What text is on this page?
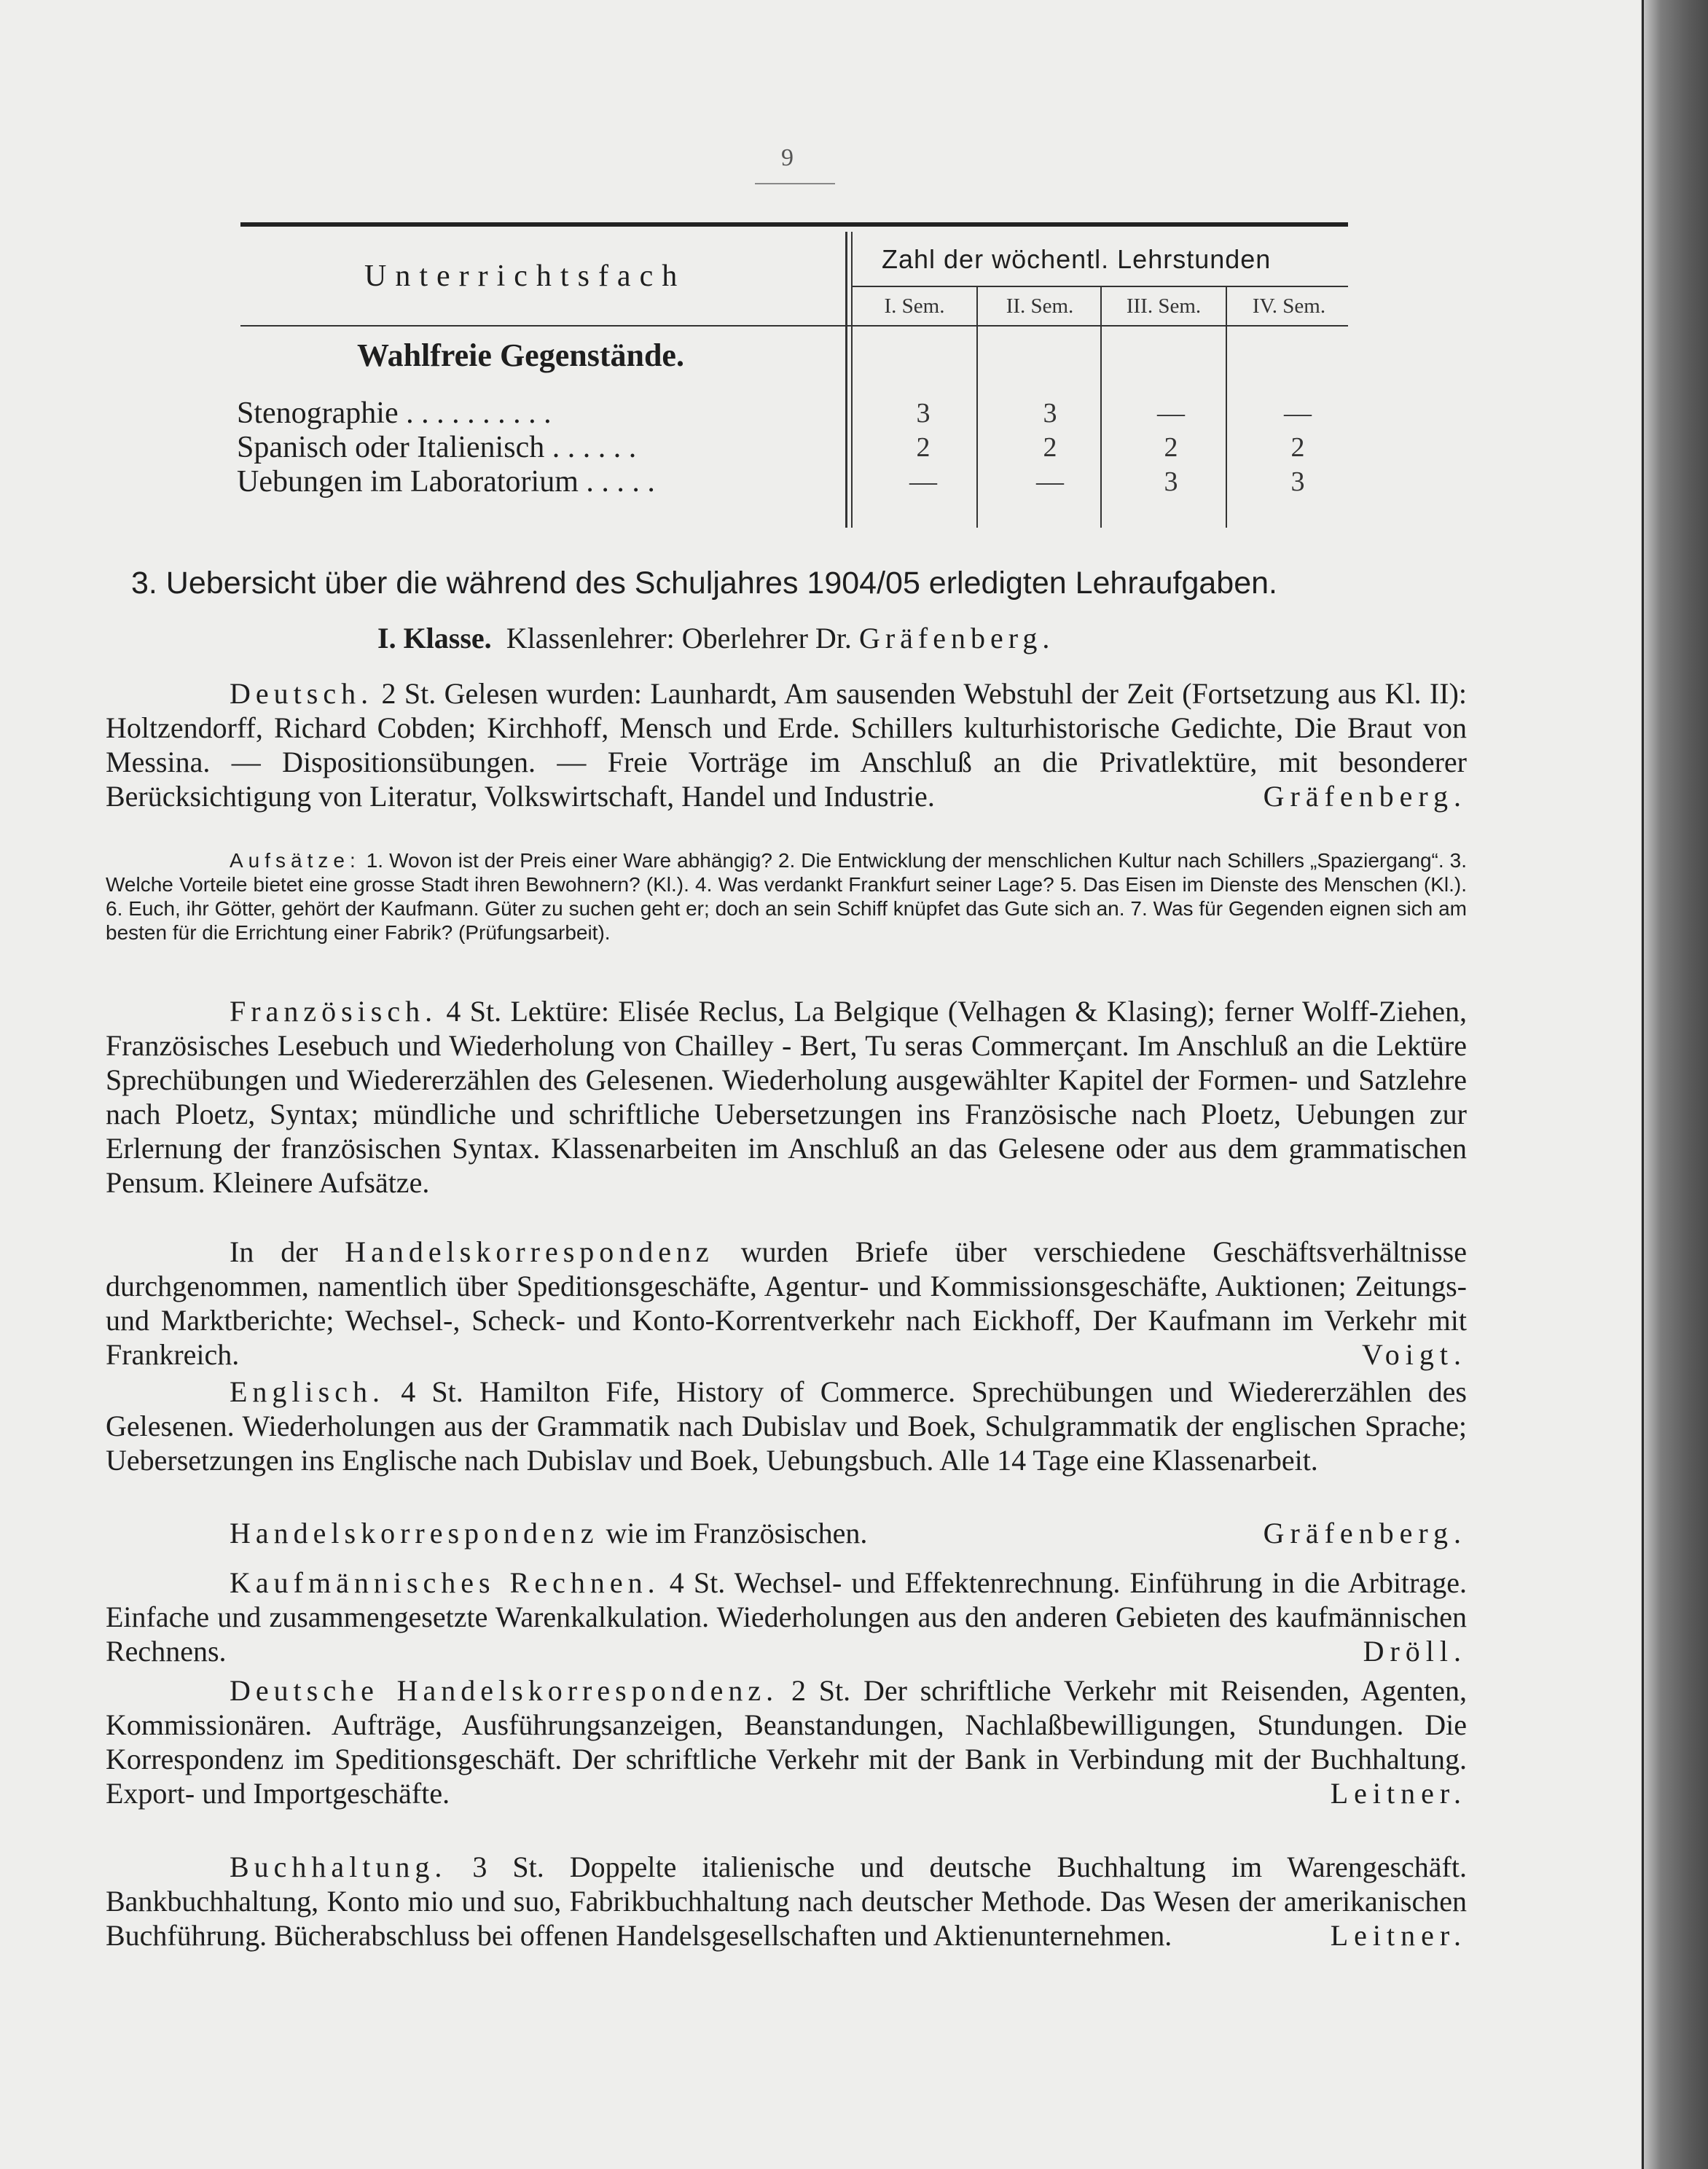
9
Unterrichtsfach
Zahl der wöchentl. Lehrstunden
I. Sem.	II. Sem.	III. Sem.	IV. Sem.
Wahlfreie Gegenstände.
Stenographie . . . . . . . . . .	3	3	—	—
Spanisch oder Italienisch . . . . . .	2	2	2	2
Uebungen im Laboratorium . . . . .	—	—	3	3
3. Uebersicht über die während des Schuljahres 1904/05 erledigten Lehraufgaben.
I. Klasse. Klassenlehrer: Oberlehrer Dr. Gräfenberg.
Deutsch. 2 St. Gelesen wurden: Launhardt, Am sausenden Webstuhl der Zeit (Fortsetzung aus Kl. II): Holtzendorff, Richard Cobden; Kirchhoff, Mensch und Erde. Schillers kulturhistorische Gedichte, Die Braut von Messina. — Dispositionsübungen. — Freie Vorträge im Anschluß an die Privatlektüre, mit besonderer Berücksichtigung von Literatur, Volkswirtschaft, Handel und Industrie.	Gräfenberg.
Aufsätze: 1. Wovon ist der Preis einer Ware abhängig? 2. Die Entwicklung der menschlichen Kultur nach Schillers „Spaziergang“. 3. Welche Vorteile bietet eine grosse Stadt ihren Bewohnern? (Kl.). 4. Was verdankt Frankfurt seiner Lage? 5. Das Eisen im Dienste des Menschen (Kl.). 6. Euch, ihr Götter, gehört der Kaufmann. Güter zu suchen geht er; doch an sein Schiff knüpfet das Gute sich an. 7. Was für Gegenden eignen sich am besten für die Errichtung einer Fabrik? (Prüfungsarbeit).
Französisch. 4 St. Lektüre: Elisée Reclus, La Belgique (Velhagen & Klasing); ferner Wolff-Ziehen, Französisches Lesebuch und Wiederholung von Chailley - Bert, Tu seras Commerçant. Im Anschluß an die Lektüre Sprechübungen und Wiedererzählen des Gelesenen. Wiederholung ausgewählter Kapitel der Formen- und Satzlehre nach Ploetz, Syntax; mündliche und schriftliche Uebersetzungen ins Französische nach Ploetz, Uebungen zur Erlernung der französischen Syntax. Klassenarbeiten im Anschluß an das Gelesene oder aus dem grammatischen Pensum. Kleinere Aufsätze.
In der Handelskorrespondenz wurden Briefe über verschiedene Geschäftsverhältnisse durchgenommen, namentlich über Speditionsgeschäfte, Agentur- und Kommissionsgeschäfte, Auktionen; Zeitungs- und Marktberichte; Wechsel-, Scheck- und Konto-Korrentverkehr nach Eickhoff, Der Kaufmann im Verkehr mit Frankreich.	Voigt.
Englisch. 4 St. Hamilton Fife, History of Commerce. Sprechübungen und Wiedererzählen des Gelesenen. Wiederholungen aus der Grammatik nach Dubislav und Boek, Schulgrammatik der englischen Sprache; Uebersetzungen ins Englische nach Dubislav und Boek, Uebungsbuch. Alle 14 Tage eine Klassenarbeit.
Handelskorrespondenz wie im Französischen.	Gräfenberg.
Kaufmännisches Rechnen. 4 St. Wechsel- und Effektenrechnung. Einführung in die Arbitrage. Einfache und zusammengesetzte Warenkalkulation. Wiederholungen aus den anderen Gebieten des kaufmännischen Rechnens.	Dröll.
Deutsche Handelskorrespondenz. 2 St. Der schriftliche Verkehr mit Reisenden, Agenten, Kommissionären. Aufträge, Ausführungsanzeigen, Beanstandungen, Nachlaßbewilligungen, Stundungen. Die Korrespondenz im Speditionsgeschäft. Der schriftliche Verkehr mit der Bank in Verbindung mit der Buchhaltung. Export- und Importgeschäfte.	Leitner.
Buchhaltung. 3 St. Doppelte italienische und deutsche Buchhaltung im Warengeschäft. Bankbuchhaltung, Konto mio und suo, Fabrikbuchhaltung nach deutscher Methode. Das Wesen der amerikanischen Buchführung. Bücherabschluss bei offenen Handelsgesellschaften und Aktienunternehmen.	Leitner.
